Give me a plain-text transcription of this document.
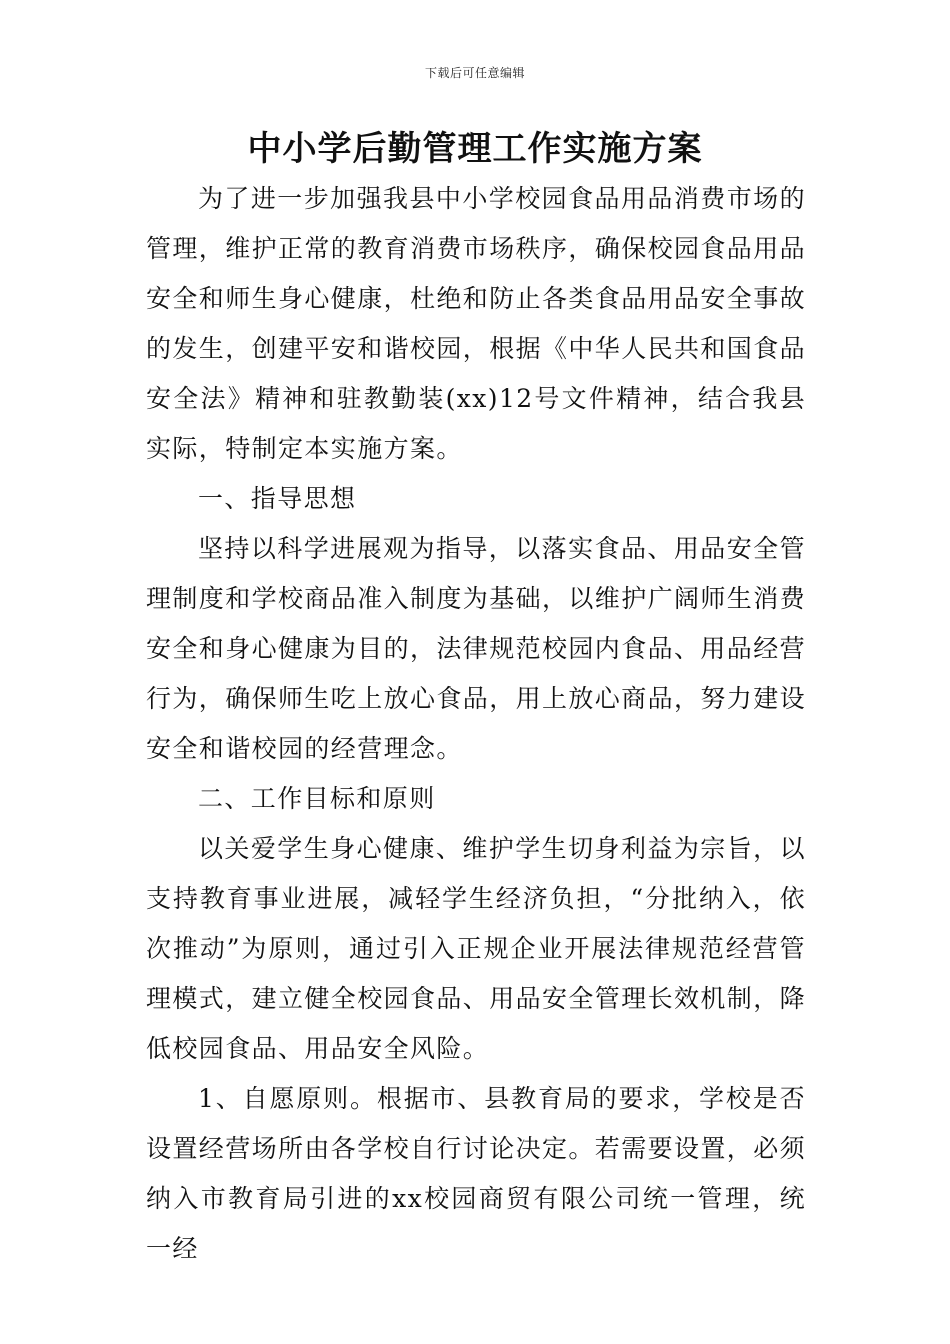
下载后可任意编辑
中小学后勤管理工作实施方案

为了进一步加强我县中小学校园食品用品消费市场的管理，维护正常的教育消费市场秩序，确保校园食品用品安全和师生身心健康，杜绝和防止各类食品用品安全事故的发生，创建平安和谐校园，根据《中华人民共和国食品安全法》精神和驻教勤装(xx)12号文件精神，结合我县实际，特制定本实施方案。

一、指导思想

坚持以科学进展观为指导，以落实食品、用品安全管理制度和学校商品准入制度为基础，以维护广阔师生消费安全和身心健康为目的，法律规范校园内食品、用品经营行为，确保师生吃上放心食品，用上放心商品，努力建设安全和谐校园的经营理念。

二、工作目标和原则

以关爱学生身心健康、维护学生切身利益为宗旨，以支持教育事业进展，减轻学生经济负担，“分批纳入，依次推动”为原则，通过引入正规企业开展法律规范经营管理模式，建立健全校园食品、用品安全管理长效机制，降低校园食品、用品安全风险。

1、自愿原则。根据市、县教育局的要求，学校是否设置经营场所由各学校自行讨论决定。若需要设置，必须纳入市教育局引进的xx校园商贸有限公司统一管理，统一经
